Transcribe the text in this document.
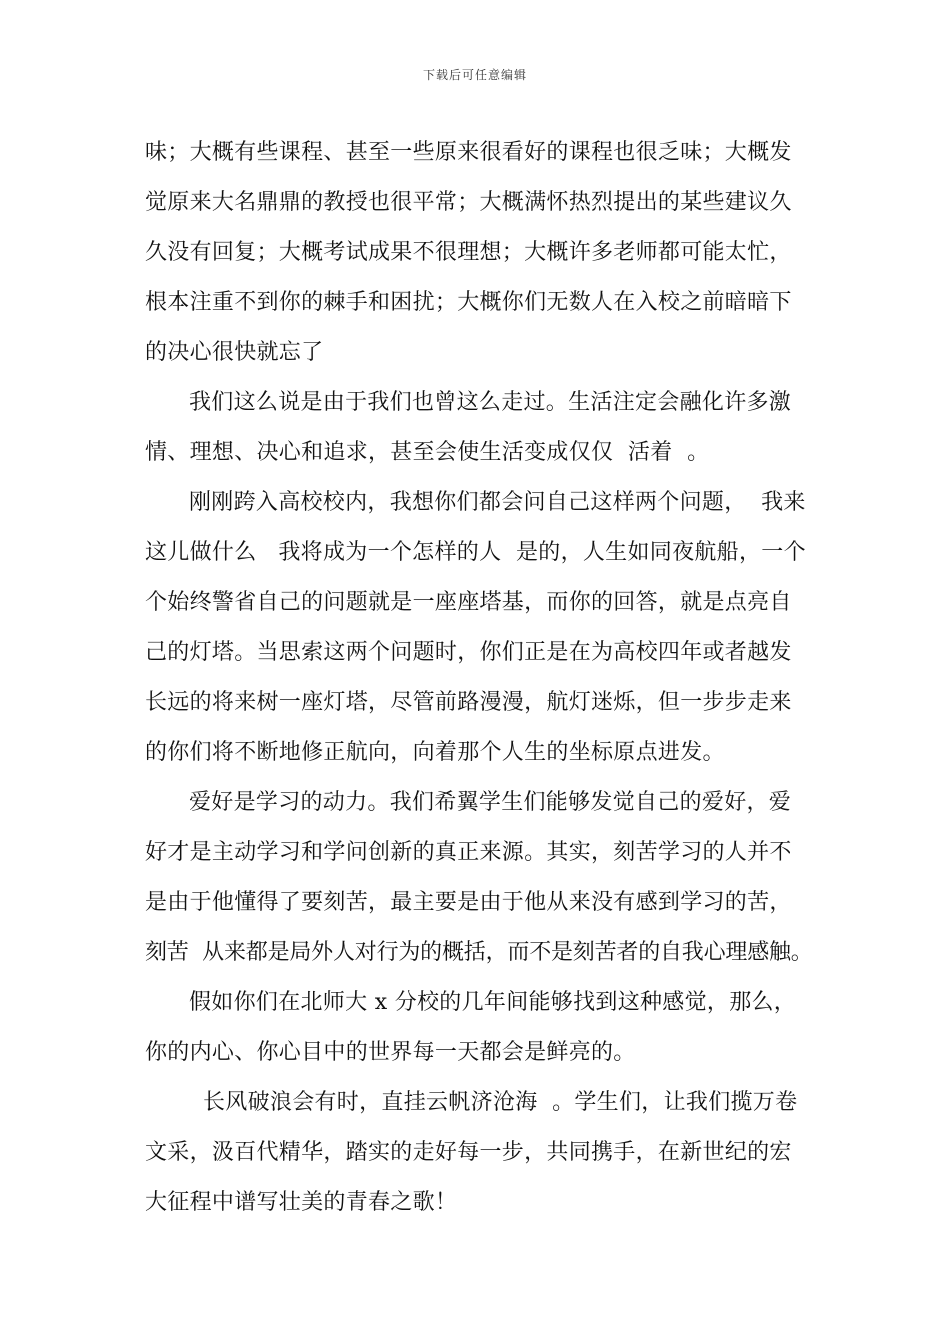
下载后可任意编辑
味；大概有些课程、甚至一些原来很看好的课程也很乏味；大概发
觉原来大名鼎鼎的教授也很平常；大概满怀热烈提出的某些建议久
久没有回复；大概考试成果不很理想；大概许多老师都可能太忙，
根本注重不到你的棘手和困扰；大概你们无数人在入校之前暗暗下
的决心很快就忘了
我们这么说是由于我们也曾这么走过。生活注定会融化许多激
情、理想、决心和追求，甚至会使生活变成仅仅  活着  。
刚刚跨入高校校内，我想你们都会问自己这样两个问题，  我来
这儿做什么   我将成为一个怎样的人  是的，人生如同夜航船，一个
个始终警省自己的问题就是一座座塔基，而你的回答，就是点亮自
己的灯塔。当思索这两个问题时，你们正是在为高校四年或者越发
长远的将来树一座灯塔，尽管前路漫漫，航灯迷烁，但一步步走来
的你们将不断地修正航向，向着那个人生的坐标原点进发。
爱好是学习的动力。我们希翼学生们能够发觉自己的爱好，爱
好才是主动学习和学问创新的真正来源。其实，刻苦学习的人并不
是由于他懂得了要刻苦，最主要是由于他从来没有感到学习的苦，
刻苦  从来都是局外人对行为的概括，而不是刻苦者的自我心理感触。
假如你们在北师大 x 分校的几年间能够找到这种感觉，那么，
你的内心、你心目中的世界每一天都会是鲜亮的。
长风破浪会有时，直挂云帆济沧海  。学生们，让我们揽万卷
文采，汲百代精华，踏实的走好每一步，共同携手，在新世纪的宏
大征程中谱写壮美的青春之歌！
